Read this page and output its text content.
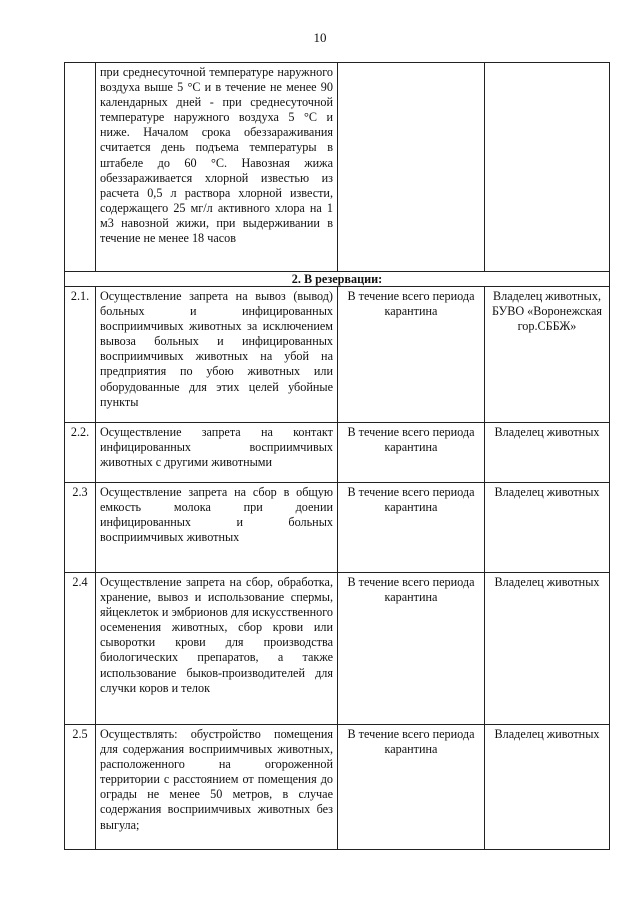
10
	при среднесуточной температуре наружного воздуха выше 5 °С и в течение не менее 90 календарных дней - при среднесуточной температуре наружного воздуха 5 °С и ниже. Началом срока обеззараживания считается день подъема температуры в штабеле до 60 °С. Навозная жижа обеззараживается хлорной известью из расчета 0,5 л раствора хлорной извести, содержащего 25 мг/л активного хлора на 1 м3 навозной жижи, при выдерживании в течение не менее 18 часов		
2. В резервации:			
2.1.	Осуществление запрета на вывоз (вывод) больных и инфицированных восприимчивых животных за исключением вывоза больных и инфицированных восприимчивых животных на убой на предприятия по убою животных или оборудованные для этих целей убойные пункты	В течение всего периода карантина	Владелец животных, БУВО «Воронежская гор.СББЖ»
2.2.	Осуществление запрета на контакт инфицированных восприимчивых животных с другими животными	В течение всего периода карантина	Владелец животных
2.3	Осуществление запрета на сбор в общую емкость молока при доении инфицированных и больных восприимчивых животных	В течение всего периода карантина	Владелец животных
2.4	Осуществление запрета на сбор, обработка, хранение, вывоз и использование спермы, яйцеклеток и эмбрионов для искусственного осеменения животных, сбор крови или сыворотки крови для производства биологических препаратов, а также использование быков-производителей для случки коров и телок	В течение всего периода карантина	Владелец животных
2.5	Осуществлять: обустройство помещения для содержания восприимчивых животных, расположенного на огороженной территории с расстоянием от помещения до ограды не менее 50 метров, в случае содержания восприимчивых животных без выгула;	В течение всего периода карантина	Владелец животных
